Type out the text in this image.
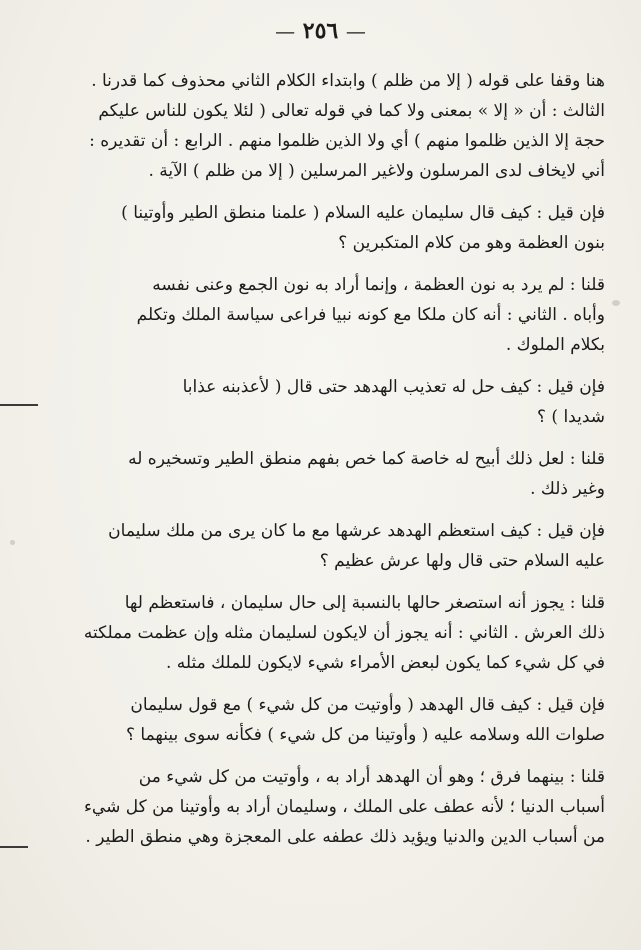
— ٢٥٦ —

هنا وقفا على قوله ( إلا من ظلم ) وابتداء الكلام الثاني محذوف كما قدرنا .
الثالث : أن « إلا » بمعنى ولا كما في قوله تعالى ( لئلا يكون للناس عليكم
حجة إلا الذين ظلموا منهم ) أي ولا الذين ظلموا منهم . الرابع : أن تقديره :
أني لايخاف لدى المرسلون ولاغير المرسلين ( إلا من ظلم ) الآية .

فإن قيل : كيف قال سليمان عليه السلام ( علمنا منطق الطير وأوتينا )
بنون العظمة وهو من كلام المتكبرين ؟

قلنا : لم يرد به نون العظمة ، وإنما أراد به نون الجمع وعنى نفسه
وأباه . الثاني : أنه كان ملكا مع كونه نبيا فراعى سياسة الملك وتكلم
بكلام الملوك .

فإن قيل : كيف حل له تعذيب الهدهد حتى قال ( لأعذبنه عذابا
شديدا ) ؟

قلنا : لعل ذلك أبيح له خاصة كما خص بفهم منطق الطير وتسخيره له
وغير ذلك .

فإن قيل : كيف استعظم الهدهد عرشها مع ما كان يرى من ملك سليمان
عليه السلام حتى قال ولها عرش عظيم ؟

قلنا : يجوز أنه استصغر حالها بالنسبة إلى حال سليمان ، فاستعظم لها
ذلك العرش . الثاني : أنه يجوز أن لايكون لسليمان مثله وإن عظمت مملكته
في كل شيء كما يكون لبعض الأمراء شيء لايكون للملك مثله .

فإن قيل : كيف قال الهدهد ( وأوتيت من كل شيء ) مع قول سليمان
صلوات الله وسلامه عليه ( وأوتينا من كل شيء ) فكأنه سوى بينهما ؟

قلنا : بينهما فرق ؛ وهو أن الهدهد أراد به ، وأوتيت من كل شيء من
أسباب الدنيا ؛ لأنه عطف على الملك ، وسليمان أراد به وأوتينا من كل شيء
من أسباب الدين والدنيا ويؤيد ذلك عطفه على المعجزة وهي منطق الطير .
